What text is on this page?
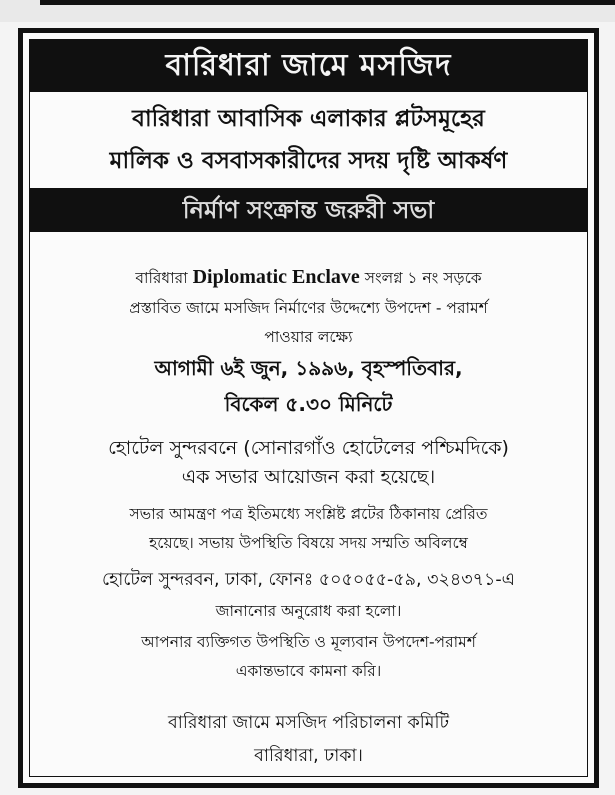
বারিধারা জামে মসজিদ
বারিধারা আবাসিক এলাকার প্লটসমূহের
মালিক ও বসবাসকারীদের সদয় দৃষ্টি আকর্ষণ
নির্মাণ সংক্রান্ত জরুরী সভা
বারিধারা Diplomatic Enclave সংলগ্ন ১ নং সড়কে
প্রস্তাবিত জামে মসজিদ নির্মাণের উদ্দেশ্যে উপদেশ - পরামর্শ
পাওয়ার লক্ষ্যে
আগামী ৬ই জুন, ১৯৯৬, বৃহস্পতিবার,
বিকেল ৫.৩০ মিনিটে
হোটেল সুন্দরবনে (সোনারগাঁও হোটেলের পশ্চিমদিকে)
এক সভার আয়োজন করা হয়েছে।
সভার আমন্ত্রণ পত্র ইতিমধ্যে সংশ্লিষ্ট প্লটের ঠিকানায় প্রেরিত
হয়েছে। সভায় উপস্থিতি বিষয়ে সদয় সম্মতি অবিলম্বে
হোটেল সুন্দরবন, ঢাকা, ফোনঃ ৫০৫০৫৫-৫৯, ৩২৪৩৭১-এ
জানানোর অনুরোধ করা হলো।
আপনার ব্যক্তিগত উপস্থিতি ও মূল্যবান উপদেশ-পরামর্শ
একান্তভাবে কামনা করি।
বারিধারা জামে মসজিদ পরিচালনা কমিটি
বারিধারা, ঢাকা।
